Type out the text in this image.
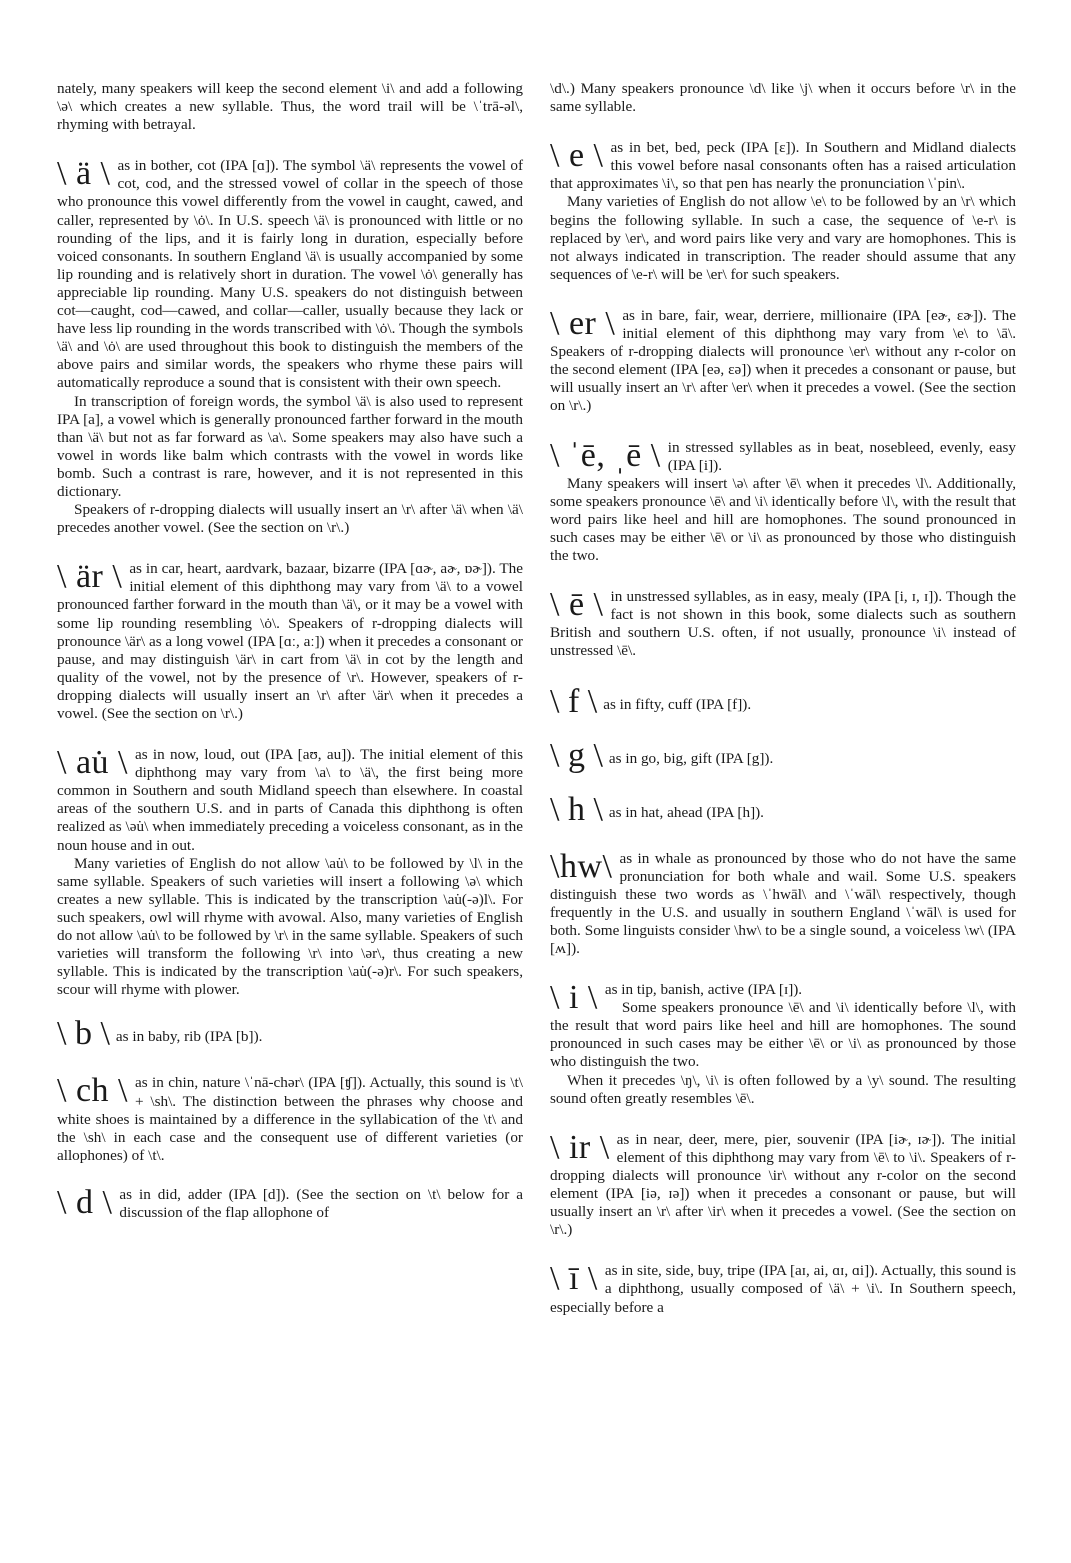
nately, many speakers will keep the second element \i\ and add a following \ə\ which creates a new syllable. Thus, the word trail will be \ˈtrā-əl\, rhyming with betrayal.

\ ä \ as in bother, cot (IPA [ɑ]). The symbol \ä\ represents the vowel of cot, cod, and the stressed vowel of collar in the speech of those who pronounce this vowel differently from the vowel in caught, cawed, and caller, represented by \ȯ\. In U.S. speech \ä\ is pronounced with little or no rounding of the lips, and it is fairly long in duration, especially before voiced consonants. In southern England \ä\ is usually accompanied by some lip rounding and is relatively short in duration. The vowel \ȯ\ generally has appreciable lip rounding. Many U.S. speakers do not distinguish between cot—caught, cod—cawed, and collar—caller, usually because they lack or have less lip rounding in the words transcribed with \ȯ\. Though the symbols \ä\ and \ȯ\ are used throughout this book to distinguish the members of the above pairs and similar words, the speakers who rhyme these pairs will automatically reproduce a sound that is consistent with their own speech.

In transcription of foreign words, the symbol \ä\ is also used to represent IPA [a], a vowel which is generally pronounced farther forward in the mouth than \ä\ but not as far forward as \a\. Some speakers may also have such a vowel in words like balm which contrasts with the vowel in words like bomb. Such a contrast is rare, however, and it is not represented in this dictionary.

Speakers of r-dropping dialects will usually insert an \r\ after \ä\ when \ä\ precedes another vowel. (See the section on \r\.)

\ är \ as in car, heart, aardvark, bazaar, bizarre (IPA [ɑɚ, aɚ, ɒɚ]). The initial element of this diphthong may vary from \ä\ to a vowel pronounced farther forward in the mouth than \ä\, or it may be a vowel with some lip rounding resembling \ȯ\. Speakers of r-dropping dialects will pronounce \är\ as a long vowel (IPA [ɑː, aː]) when it precedes a consonant or pause, and may distinguish \är\ in cart from \ä\ in cot by the length and quality of the vowel, not by the presence of \r\. However, speakers of r-dropping dialects will usually insert an \r\ after \är\ when it precedes a vowel. (See the section on \r\.)

\ au̇ \ as in now, loud, out (IPA [aʊ, au]). The initial element of this diphthong may vary from \a\ to \ä\, the first being more common in Southern and south Midland speech than elsewhere. In coastal areas of the southern U.S. and in parts of Canada this diphthong is often realized as \əu̇\ when immediately preceding a voiceless consonant, as in the noun house and in out.

Many varieties of English do not allow \au̇\ to be followed by \l\ in the same syllable. Speakers of such varieties will insert a following \ə\ which creates a new syllable. This is indicated by the transcription \au̇(-ə)l\. For such speakers, owl will rhyme with avowal. Also, many varieties of English do not allow \au̇\ to be followed by \r\ in the same syllable. Speakers of such varieties will transform the following \r\ into \ər\, thus creating a new syllable. This is indicated by the transcription \au̇(-ə)r\. For such speakers, scour will rhyme with plower.

\ b \ as in baby, rib (IPA [b]).
\ ch \ as in chin, nature \ˈnā-chər\ (IPA [ʧ]). Actually, this sound is \t\ + \sh\. The distinction between the phrases why choose and white shoes is maintained by a difference in the syllabication of the \t\ and the \sh\ in each case and the consequent use of different varieties (or allophones) of \t\.

\ d \ as in did, adder (IPA [d]). (See the section on \t\ below for a discussion of the flap allophone of

\d\.) Many speakers pronounce \d\ like \j\ when it occurs before \r\ in the same syllable.

\ e \ as in bet, bed, peck (IPA [ɛ]). In Southern and Midland dialects this vowel before nasal consonants often has a raised articulation that approximates \i\, so that pen has nearly the pronunciation \ˈpin\.

Many varieties of English do not allow \e\ to be followed by an \r\ which begins the following syllable. In such a case, the sequence of \e-r\ is replaced by \er\, and word pairs like very and vary are homophones. This is not always indicated in transcription. The reader should assume that any sequences of \e-r\ will be \er\ for such speakers.

\ er \ as in bare, fair, wear, derriere, millionaire (IPA [eɚ, ɛɚ]). The initial element of this diphthong may vary from \e\ to \ā\. Speakers of r-dropping dialects will pronounce \er\ without any r-color on the second element (IPA [eə, ɛə]) when it precedes a consonant or pause, but will usually insert an \r\ after \er\ when it precedes a vowel. (See the section on \r\.)

\ ˈē, ˌē \ in stressed syllables as in beat, nosebleed, evenly, easy (IPA [i]).

Many speakers will insert \ə\ after \ē\ when it precedes \l\. Additionally, some speakers pronounce \ē\ and \i\ identically before \l\, with the result that word pairs like heel and hill are homophones. The sound pronounced in such cases may be either \ē\ or \i\ as pronounced by those who distinguish the two.

\ ē \ in unstressed syllables, as in easy, mealy (IPA [i, ɪ, ɪ]). Though the fact is not shown in this book, some dialects such as southern British and southern U.S. often, if not usually, pronounce \i\ instead of unstressed \ē\.

\ f \ as in fifty, cuff (IPA [f]).
\ g \ as in go, big, gift (IPA [g]).
\ h \ as in hat, ahead (IPA [h]).
\hw\ as in whale as pronounced by those who do not have the same pronunciation for both whale and wail. Some U.S. speakers distinguish these two words as \ˈhwāl\ and \ˈwāl\ respectively, though frequently in the U.S. and usually in southern England \ˈwāl\ is used for both. Some linguists consider \hw\ to be a single sound, a voiceless \w\ (IPA [ʍ]).

\ i \ as in tip, banish, active (IPA [ɪ]).

Some speakers pronounce \ē\ and \i\ identically before \l\, with the result that word pairs like heel and hill are homophones. The sound pronounced in such cases may be either \ē\ or \i\ as pronounced by those who distinguish the two.

When it precedes \ŋ\, \i\ is often followed by a \y\ sound. The resulting sound often greatly resembles \ē\.

\ ir \ as in near, deer, mere, pier, souvenir (IPA [iɚ, ɪɚ]). The initial element of this diphthong may vary from \ē\ to \i\. Speakers of r-dropping dialects will pronounce \ir\ without any r-color on the second element (IPA [iə, ɪə]) when it precedes a consonant or pause, but will usually insert an \r\ after \ir\ when it precedes a vowel. (See the section on \r\.)

\ ī \ as in site, side, buy, tripe (IPA [aɪ, ai, ɑɪ, ɑi]). Actually, this sound is a diphthong, usually composed of \ä\ + \i\. In Southern speech, especially before a
